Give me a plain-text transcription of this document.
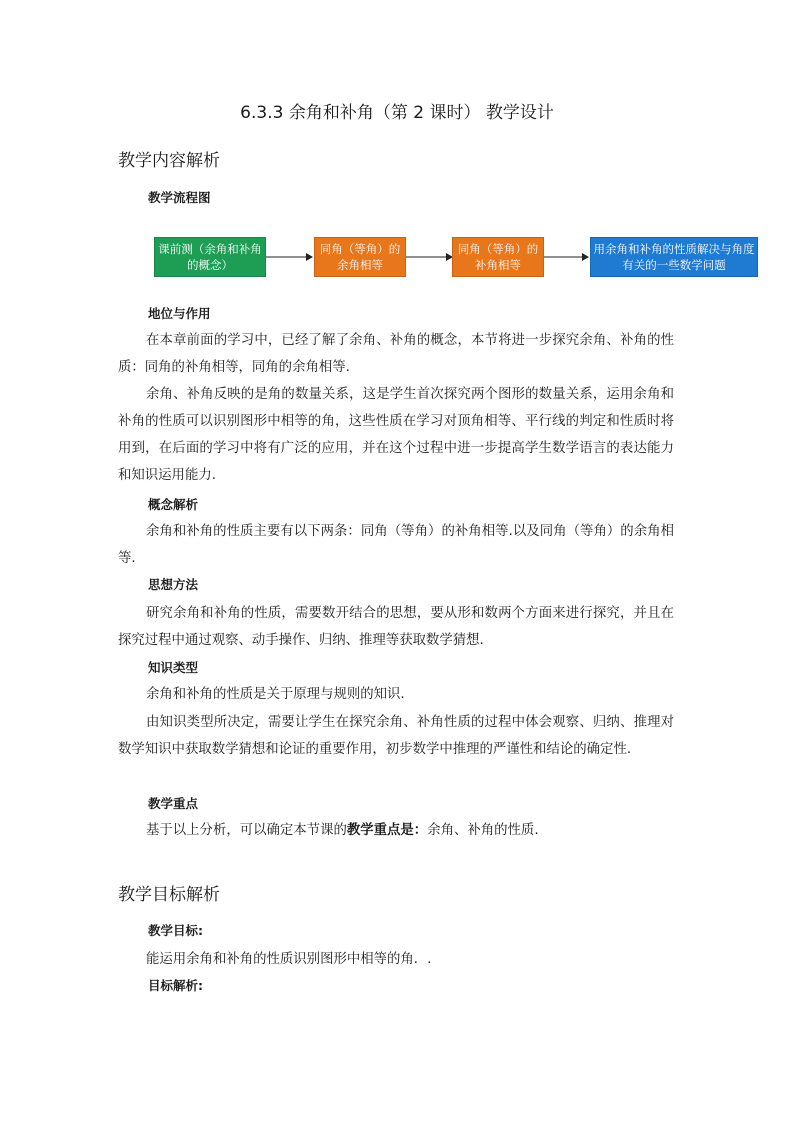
6.3.3 余角和补角（第 2 课时） 教学设计
教学内容解析
教学流程图
课前测（余角和补角的概念）
同角（等角）的余角相等
同角（等角）的补角相等
用余角和补角的性质解决与角度有关的一些数学问题
地位与作用

在本章前面的学习中，已经了解了余角、补角的概念，本节将进一步探究余角、补角的性质：同角的补角相等，同角的余角相等.

余角、补角反映的是角的数量关系，这是学生首次探究两个图形的数量关系，运用余角和补角的性质可以识别图形中相等的角，这些性质在学习对顶角相等、平行线的判定和性质时将用到，在后面的学习中将有广泛的应用，并在这个过程中进一步提高学生数学语言的表达能力和知识运用能力.

概念解析

余角和补角的性质主要有以下两条：同角（等角）的补角相等.以及同角（等角）的余角相等.

思想方法

研究余角和补角的性质，需要数开结合的思想，要从形和数两个方面来进行探究，并且在探究过程中通过观察、动手操作、归纳、推理等获取数学猜想.

知识类型

余角和补角的性质是关于原理与规则的知识.

由知识类型所决定，需要让学生在探究余角、补角性质的过程中体会观察、归纳、推理对数学知识中获取数学猜想和论证的重要作用，初步数学中推理的严谨性和结论的确定性.

教学重点

基于以上分析，可以确定本节课的教学重点是：余角、补角的性质.

教学目标解析
教学目标:

能运用余角和补角的性质识别图形中相等的角．.

目标解析:
